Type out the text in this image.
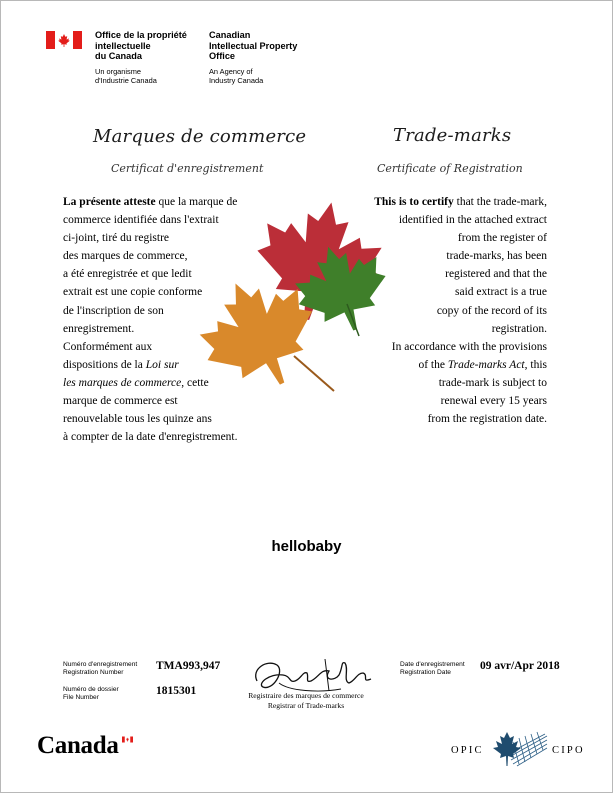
Office de la propriété
intellectuelle
du Canada
Canadian
Intellectual Property
Office
Un organisme
d'Industrie Canada
An Agency of
Industry Canada
Marques de commerce
Certificat d'enregistrement
Trade-marks
Certificate of Registration
La présente atteste que la marque de
commerce identifiée dans l'extrait
ci-joint, tiré du registre
des marques de commerce,
a été enregistrée et que ledit
extrait est une copie conforme
de l'inscription de son
enregistrement.
Conformément aux
dispositions de la Loi sur
les marques de commerce, cette
marque de commerce est
renouvelable tous les quinze ans
à compter de la date d'enregistrement.
This is to certify that the trade-mark,
identified in the attached extract
from the register of
trade-marks, has been
registered and that the
said extract is a true
copy of the record of its
registration.
In accordance with the provisions
of the Trade-marks Act, this
trade-mark is subject to
renewal every 15 years
from the registration date.
hellobaby
Numéro d'enregistrement
Registration Number
TMA993,947
Numéro de dossier
File Number
1815301
Date d'enregistrement
Registration Date
09 avr/Apr 2018
Registraire des marques de commerce
Registrar of Trade-marks
Canada	OPIC	CIPO
